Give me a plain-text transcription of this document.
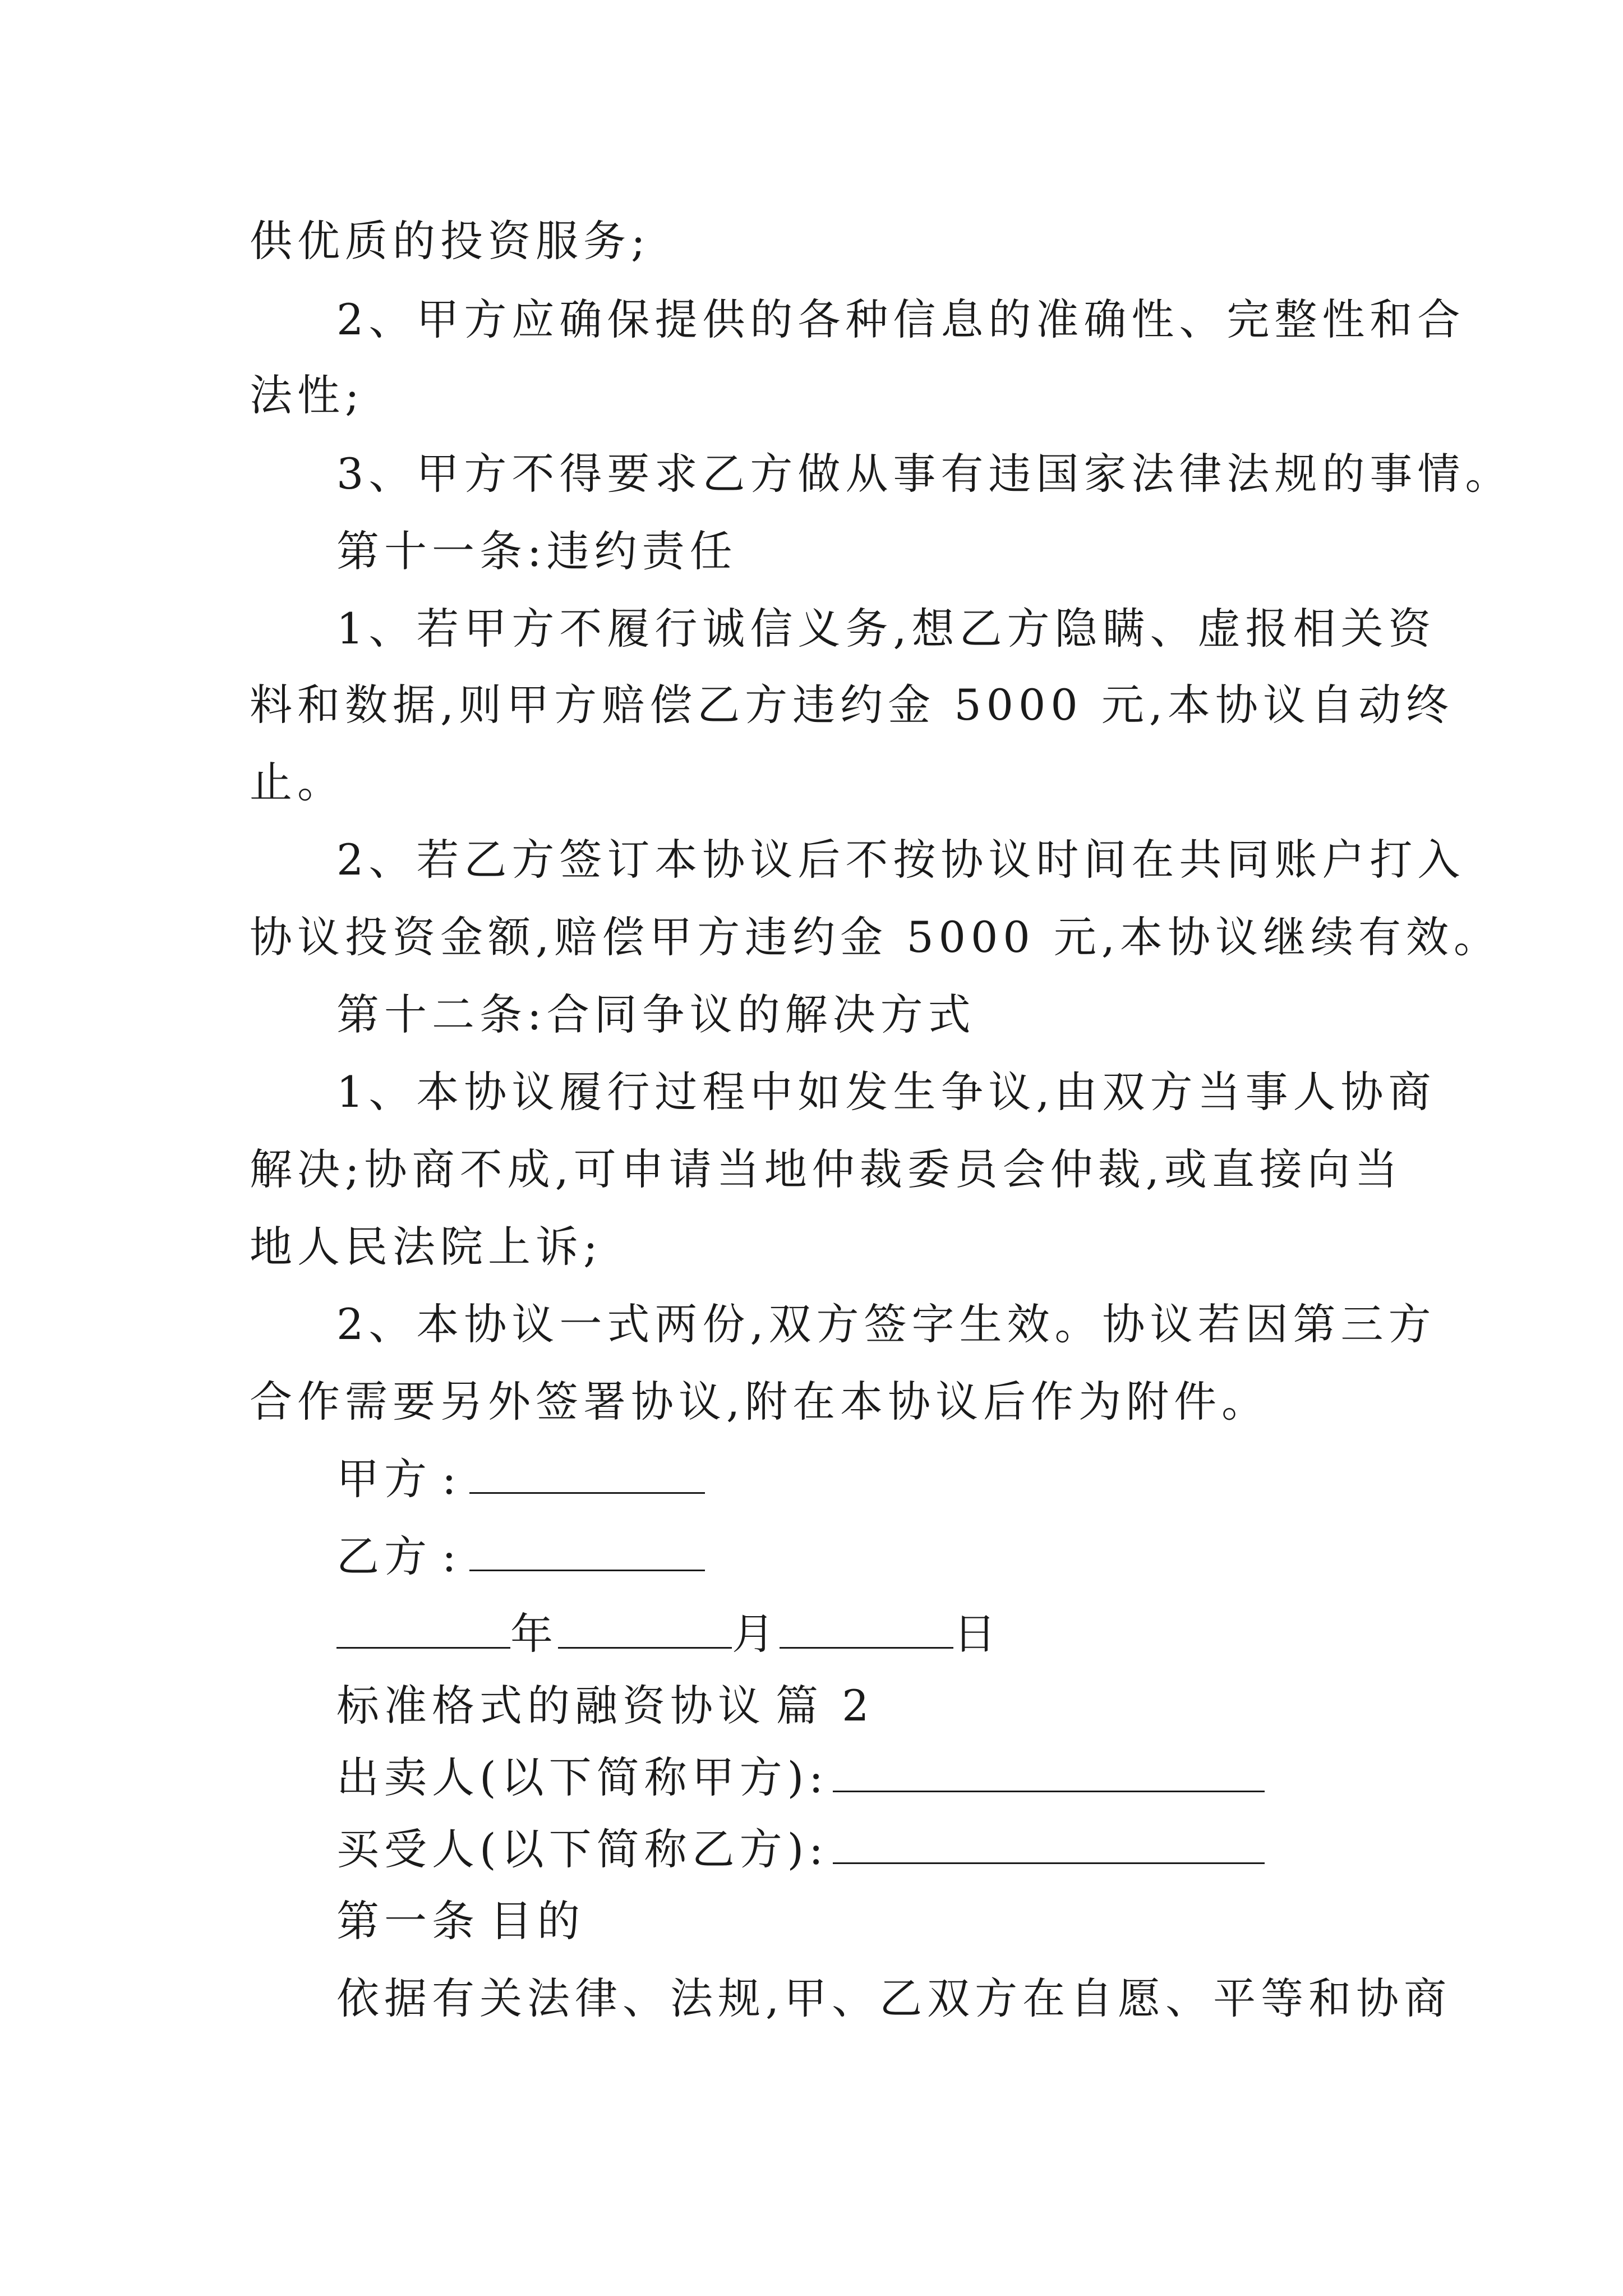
供优质的投资服务;
2、甲方应确保提供的各种信息的准确性、完整性和合
法性;
3、甲方不得要求乙方做从事有违国家法律法规的事情。
第十一条:违约责任
1、若甲方不履行诚信义务,想乙方隐瞒、虚报相关资
料和数据,则甲方赔偿乙方违约金 5000 元,本协议自动终
止。
2、若乙方签订本协议后不按协议时间在共同账户打入
协议投资金额,赔偿甲方违约金 5000 元,本协议继续有效。
第十二条:合同争议的解决方式
1、本协议履行过程中如发生争议,由双方当事人协商
解决;协商不成,可申请当地仲裁委员会仲裁,或直接向当
地人民法院上诉;
2、本协议一式两份,双方签字生效。协议若因第三方
合作需要另外签署协议,附在本协议后作为附件。
甲方 :
乙方 :
年	月	日
标准格式的融资协议 篇 2
出卖人(以下简称甲方):
买受人(以下简称乙方):
第一条 目的
依据有关法律、法规,甲、乙双方在自愿、平等和协商
